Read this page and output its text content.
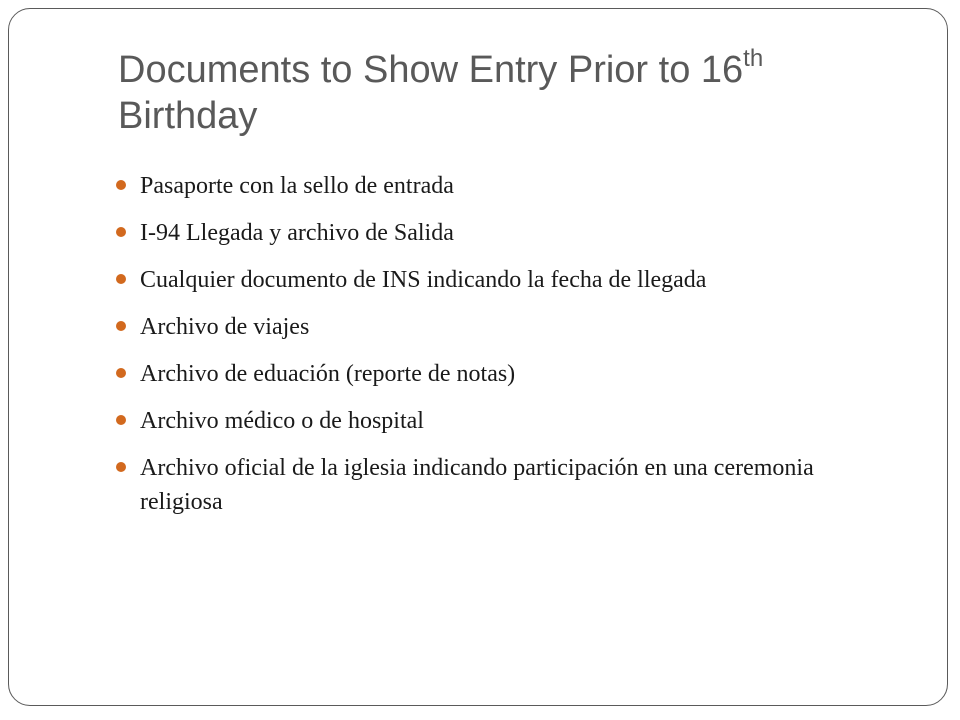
Documents to Show Entry Prior to 16th
Birthday
Pasaporte con la sello de entrada
I-94 Llegada y archivo de Salida
Cualquier documento de INS indicando la fecha de llegada
Archivo de viajes
Archivo de eduación (reporte de notas)
Archivo médico o de hospital
Archivo oficial de la iglesia indicando participación en una ceremonia religiosa
